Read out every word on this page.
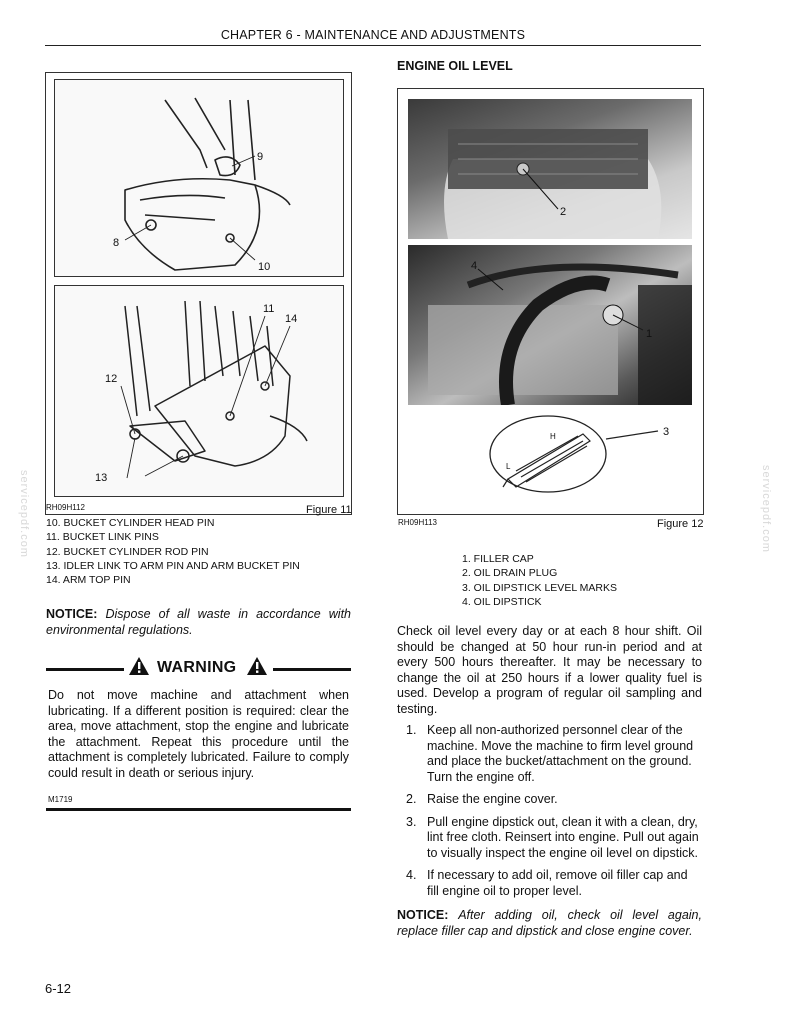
CHAPTER 6 - MAINTENANCE AND ADJUSTMENTS
servicepdf.com	servicepdf.com
9
8
10
11
14
12
13
RH09H112	Figure 11
10. BUCKET CYLINDER HEAD PIN
11. BUCKET LINK PINS
12. BUCKET CYLINDER ROD PIN
13. IDLER LINK TO ARM PIN AND ARM BUCKET PIN
14. ARM TOP PIN
NOTICE: Dispose of all waste in accordance with environmental regulations.
WARNING
Do not move machine and attachment when lubricating. If a different position is required: clear the area, move attachment, stop the engine and lubricate the attachment. Repeat this procedure until the attachment is completely lubricated. Failure to comply could result in death or serious injury.
M1719
6-12
ENGINE OIL LEVEL
2
4
1
H
L
3
RH09H113	Figure 12
1. FILLER CAP
2. OIL DRAIN PLUG
3. OIL DIPSTICK LEVEL MARKS
4. OIL DIPSTICK
Check oil level every day or at each 8 hour shift. Oil should be changed at 50 hour run-in period and at every 500 hours thereafter. It may be necessary to change the oil at 250 hours if a lower quality fuel is used. Develop a program of regular oil sampling and testing.
1. Keep all non-authorized personnel clear of the machine. Move the machine to firm level ground and place the bucket/attachment on the ground. Turn the engine off.
2. Raise the engine cover.
3. Pull engine dipstick out, clean it with a clean, dry, lint free cloth. Reinsert into engine. Pull out again to visually inspect the engine oil level on dipstick.
4. If necessary to add oil, remove oil filler cap and fill engine oil to proper level.
NOTICE: After adding oil, check oil level again, replace filler cap and dipstick and close engine cover.
